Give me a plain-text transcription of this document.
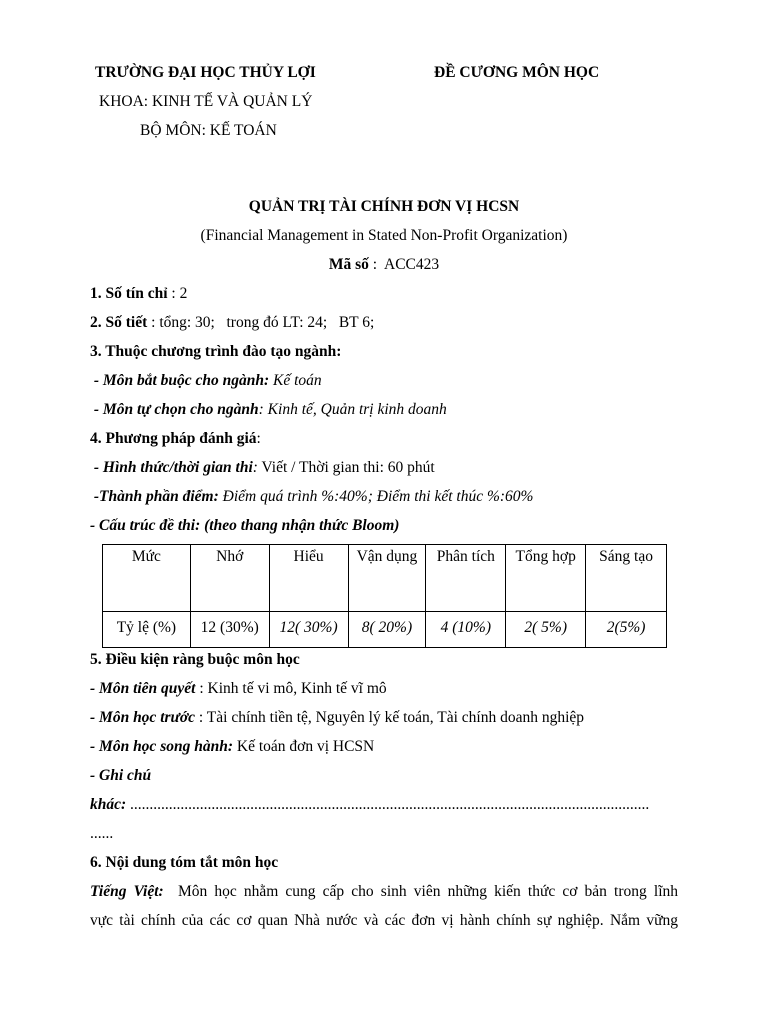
TRƯỜNG ĐẠI HỌC THỦY LỢI	ĐỀ CƯƠNG MÔN HỌC
KHOA: KINH TẾ VÀ QUẢN LÝ
BỘ MÔN: KẾ TOÁN
QUẢN TRỊ TÀI CHÍNH ĐƠN VỊ HCSN
(Financial Management in Stated Non-Profit Organization)
Mã số :  ACC423
1. Số tín chỉ : 2
2. Số tiết : tổng: 30;   trong đó LT: 24;   BT 6;
3. Thuộc chương trình đào tạo ngành:
- Môn bắt buộc cho ngành: Kế toán
- Môn tự chọn cho ngành: Kinh tế, Quản trị kinh doanh
4. Phương pháp đánh giá:
- Hình thức/thời gian thi: Viết / Thời gian thi: 60 phút
-Thành phần điểm: Điểm quá trình %:40%; Điểm thi kết thúc %:60%
- Cấu trúc đề thi: (theo thang nhận thức Bloom)
Mức	Nhớ	Hiểu	Vận dụng	Phân tích	Tổng hợp	Sáng tạo
Tỷ lệ (%)	12 (30%)	12( 30%)	8( 20%)	4 (10%)	2( 5%)	2(5%)
5. Điều kiện ràng buộc môn học
- Môn tiên quyết : Kinh tế vi mô, Kinh tế vĩ mô
- Môn học trước : Tài chính tiền tệ, Nguyên lý kế toán, Tài chính doanh nghiệp
- Môn học song hành: Kế toán đơn vị HCSN
- Ghi chú
khác: ......................................................................................................................................
......
6. Nội dung tóm tắt môn học
Tiếng Việt:  Môn học nhằm cung cấp cho sinh viên những kiến thức cơ bản trong lĩnh
vực tài chính của các cơ quan Nhà nước và các đơn vị hành chính sự nghiệp. Nắm vững
